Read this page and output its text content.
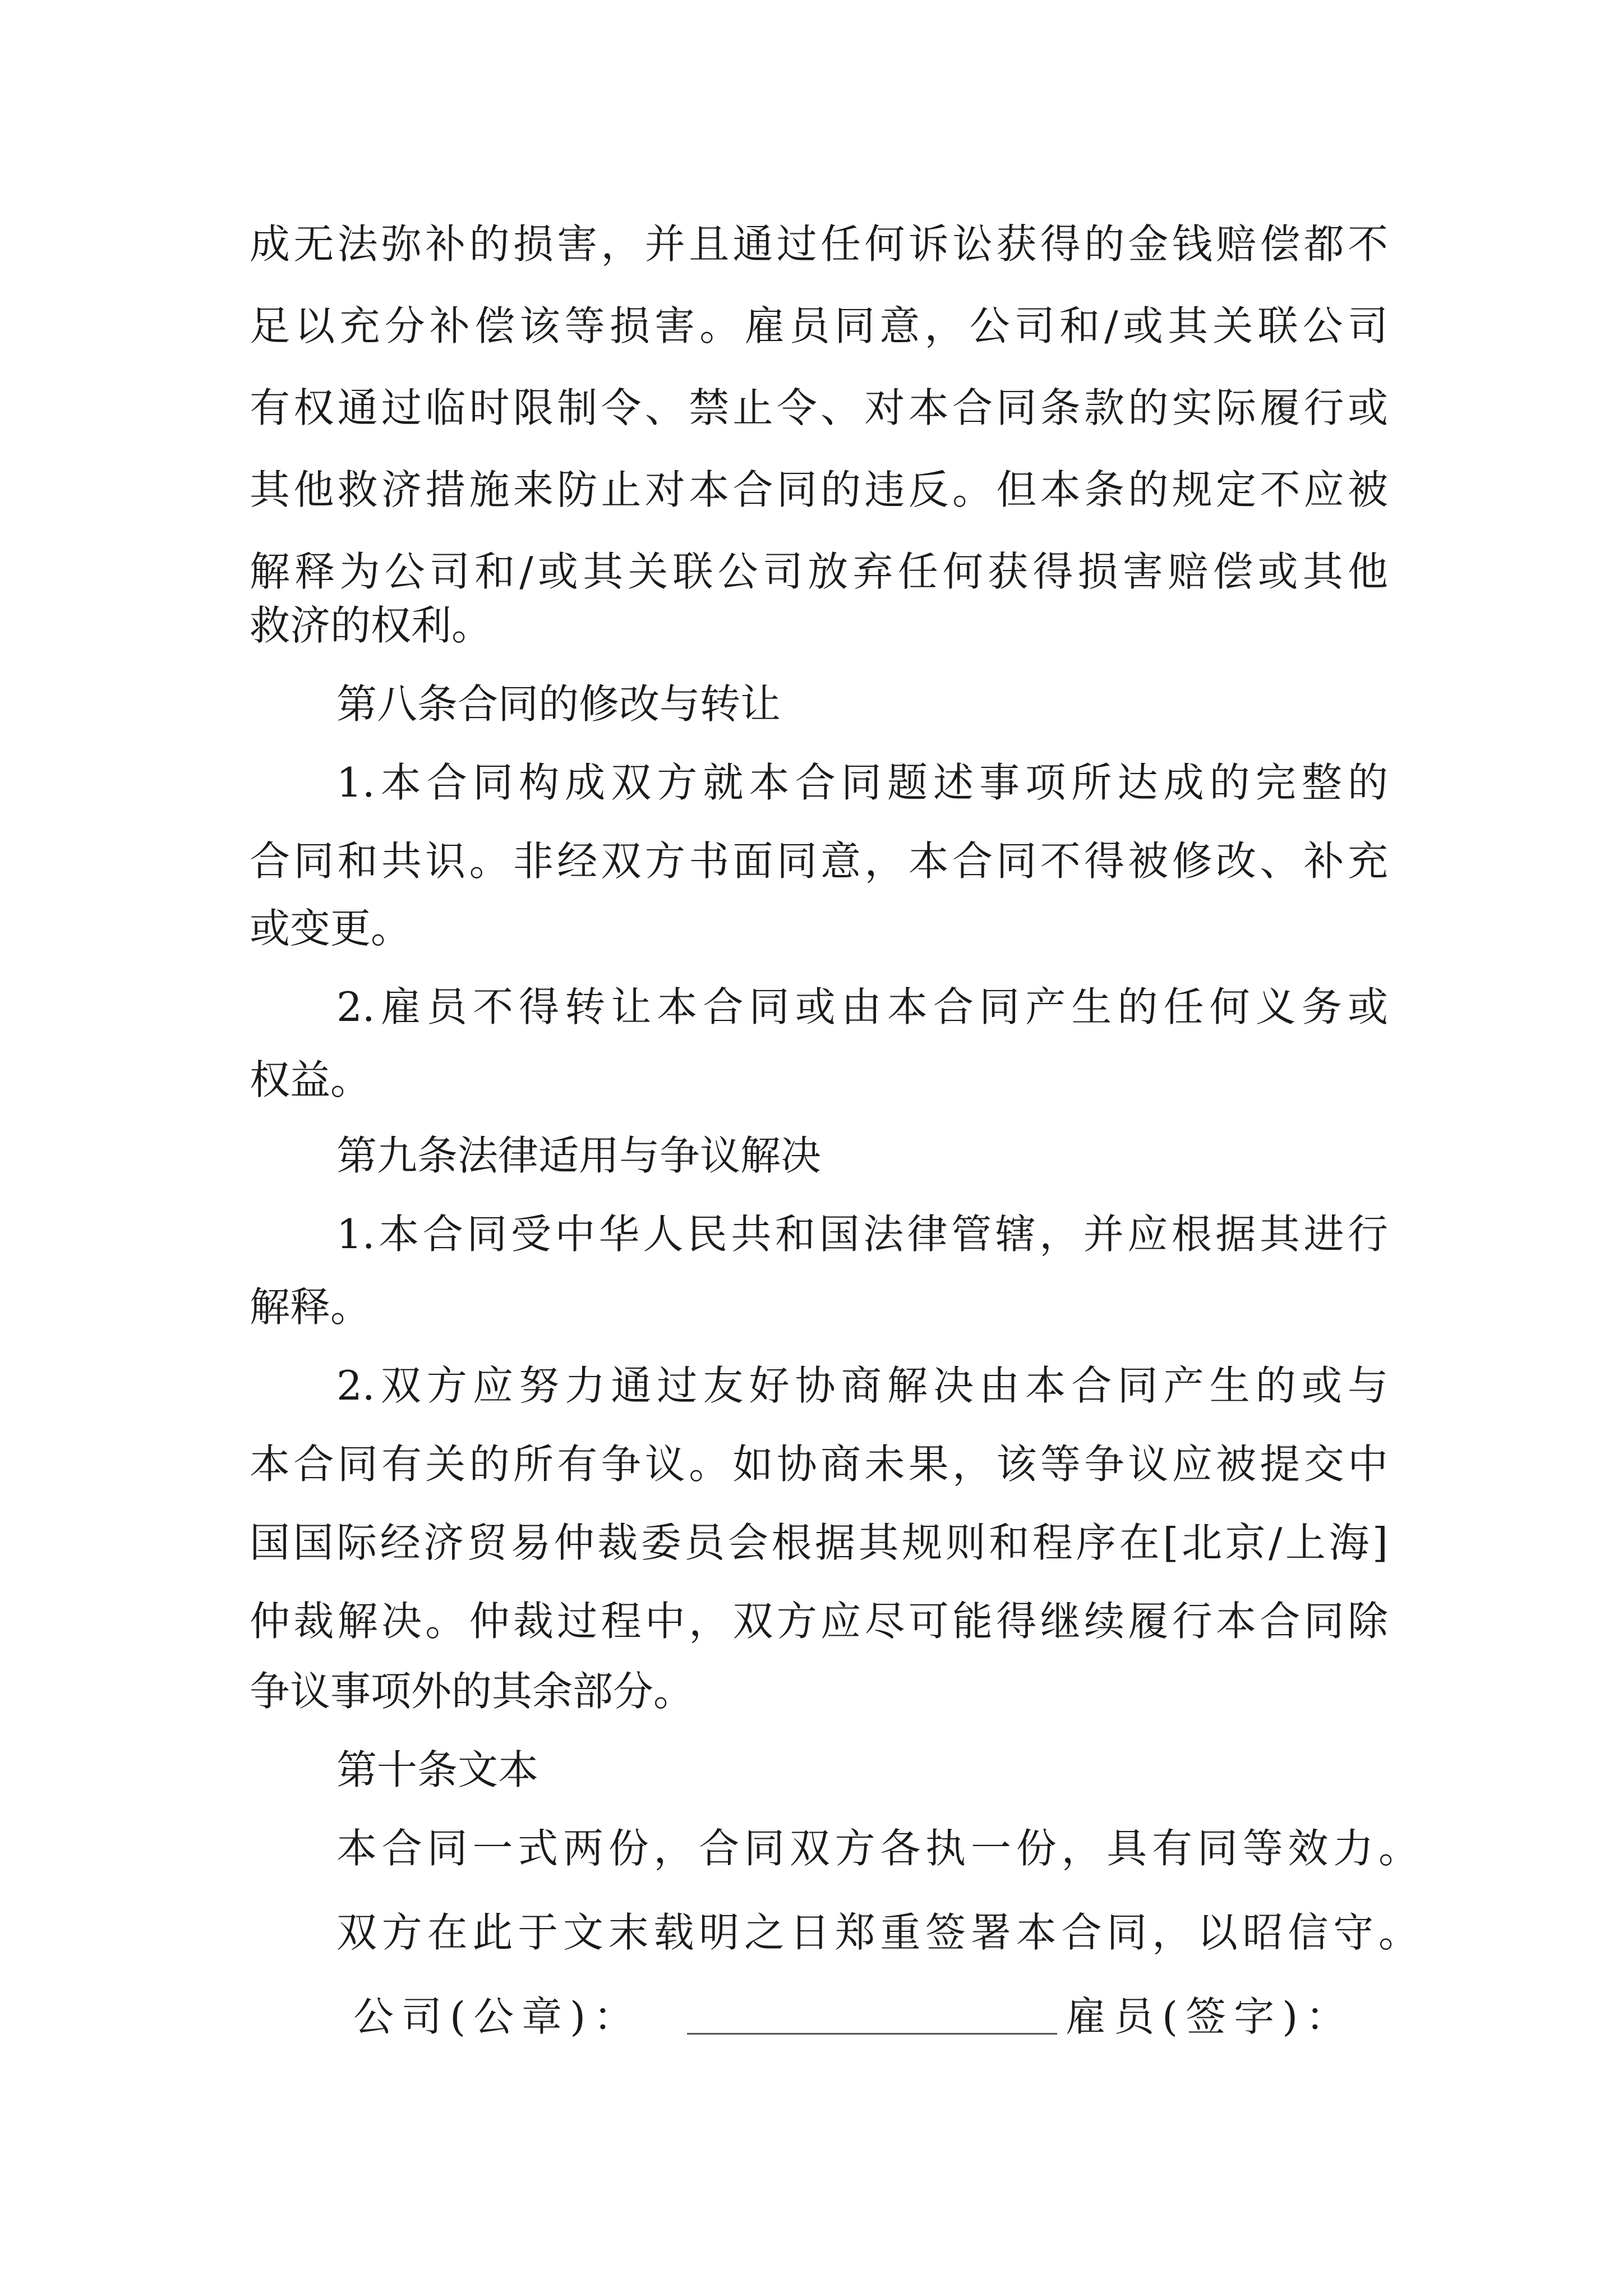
成无法弥补的损害，并且通过任何诉讼获得的金钱赔偿都不
足以充分补偿该等损害。雇员同意，公司和/或其关联公司
有权通过临时限制令、禁止令、对本合同条款的实际履行或
其他救济措施来防止对本合同的违反。但本条的规定不应被
解释为公司和/或其关联公司放弃任何获得损害赔偿或其他
救济的权利。
第八条合同的修改与转让
1.本合同构成双方就本合同题述事项所达成的完整的
合同和共识。非经双方书面同意，本合同不得被修改、补充
或变更。
2.雇员不得转让本合同或由本合同产生的任何义务或
权益。
第九条法律适用与争议解决
1.本合同受中华人民共和国法律管辖，并应根据其进行
解释。
2.双方应努力通过友好协商解决由本合同产生的或与
本合同有关的所有争议。如协商未果，该等争议应被提交中
国国际经济贸易仲裁委员会根据其规则和程序在[北京/上海]
仲裁解决。仲裁过程中，双方应尽可能得继续履行本合同除
争议事项外的其余部分。
第十条文本
本合同一式两份，合同双方各执一份，具有同等效力。
双方在此于文末载明之日郑重签署本合同，以昭信守。
公司(公章)：	雇员(签字)：
